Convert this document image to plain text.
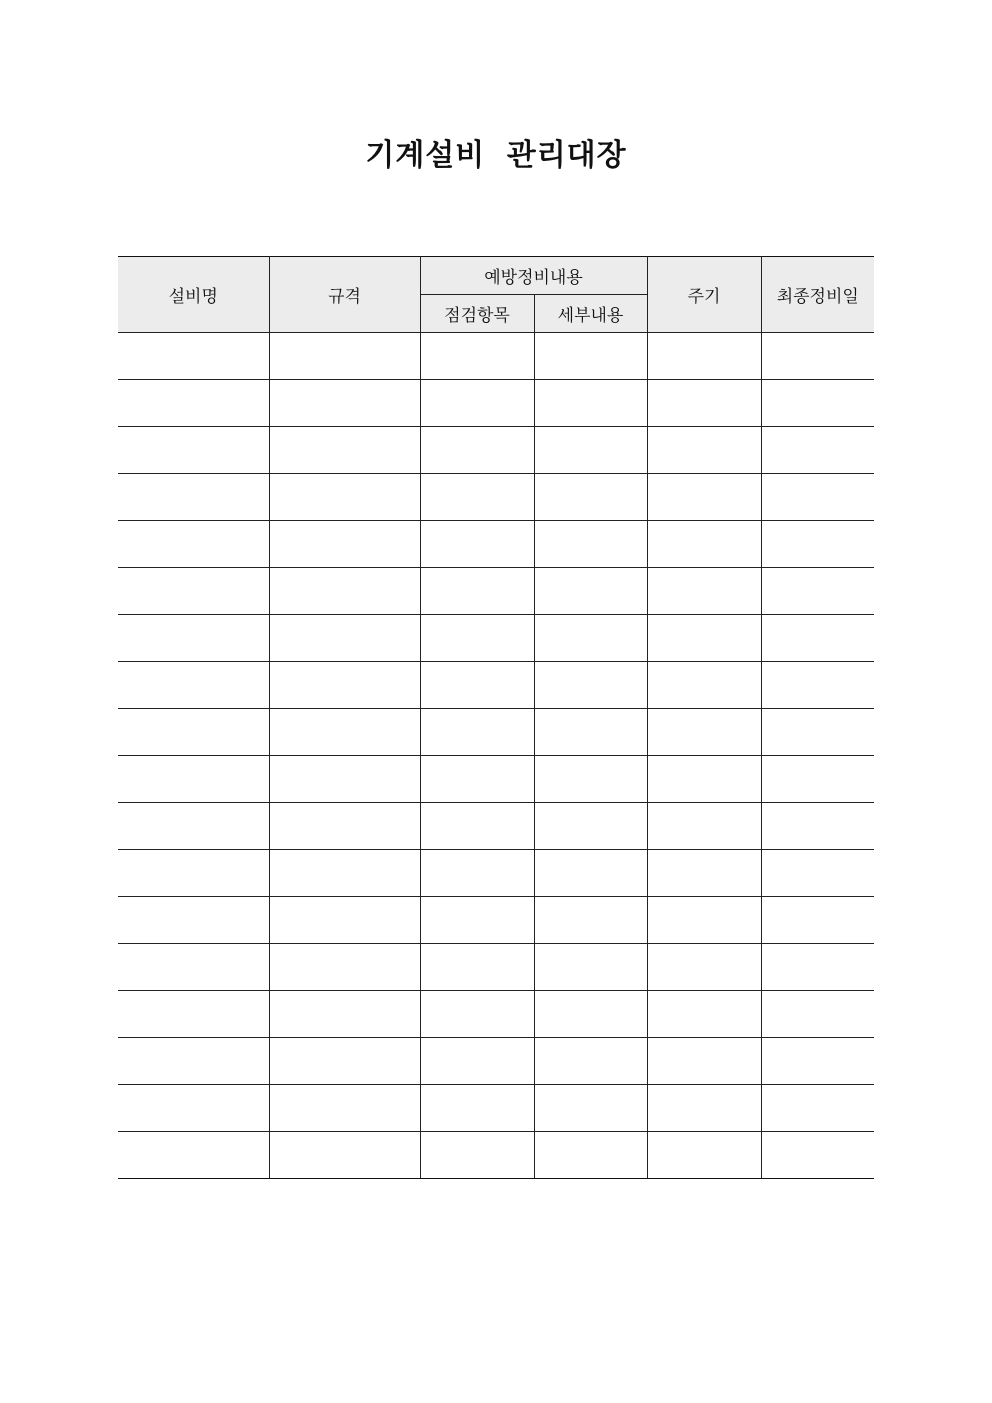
기계설비 관리대장
설비명	규격	예방정비내용		주기	최종정비일
		점검항목	세부내용		
